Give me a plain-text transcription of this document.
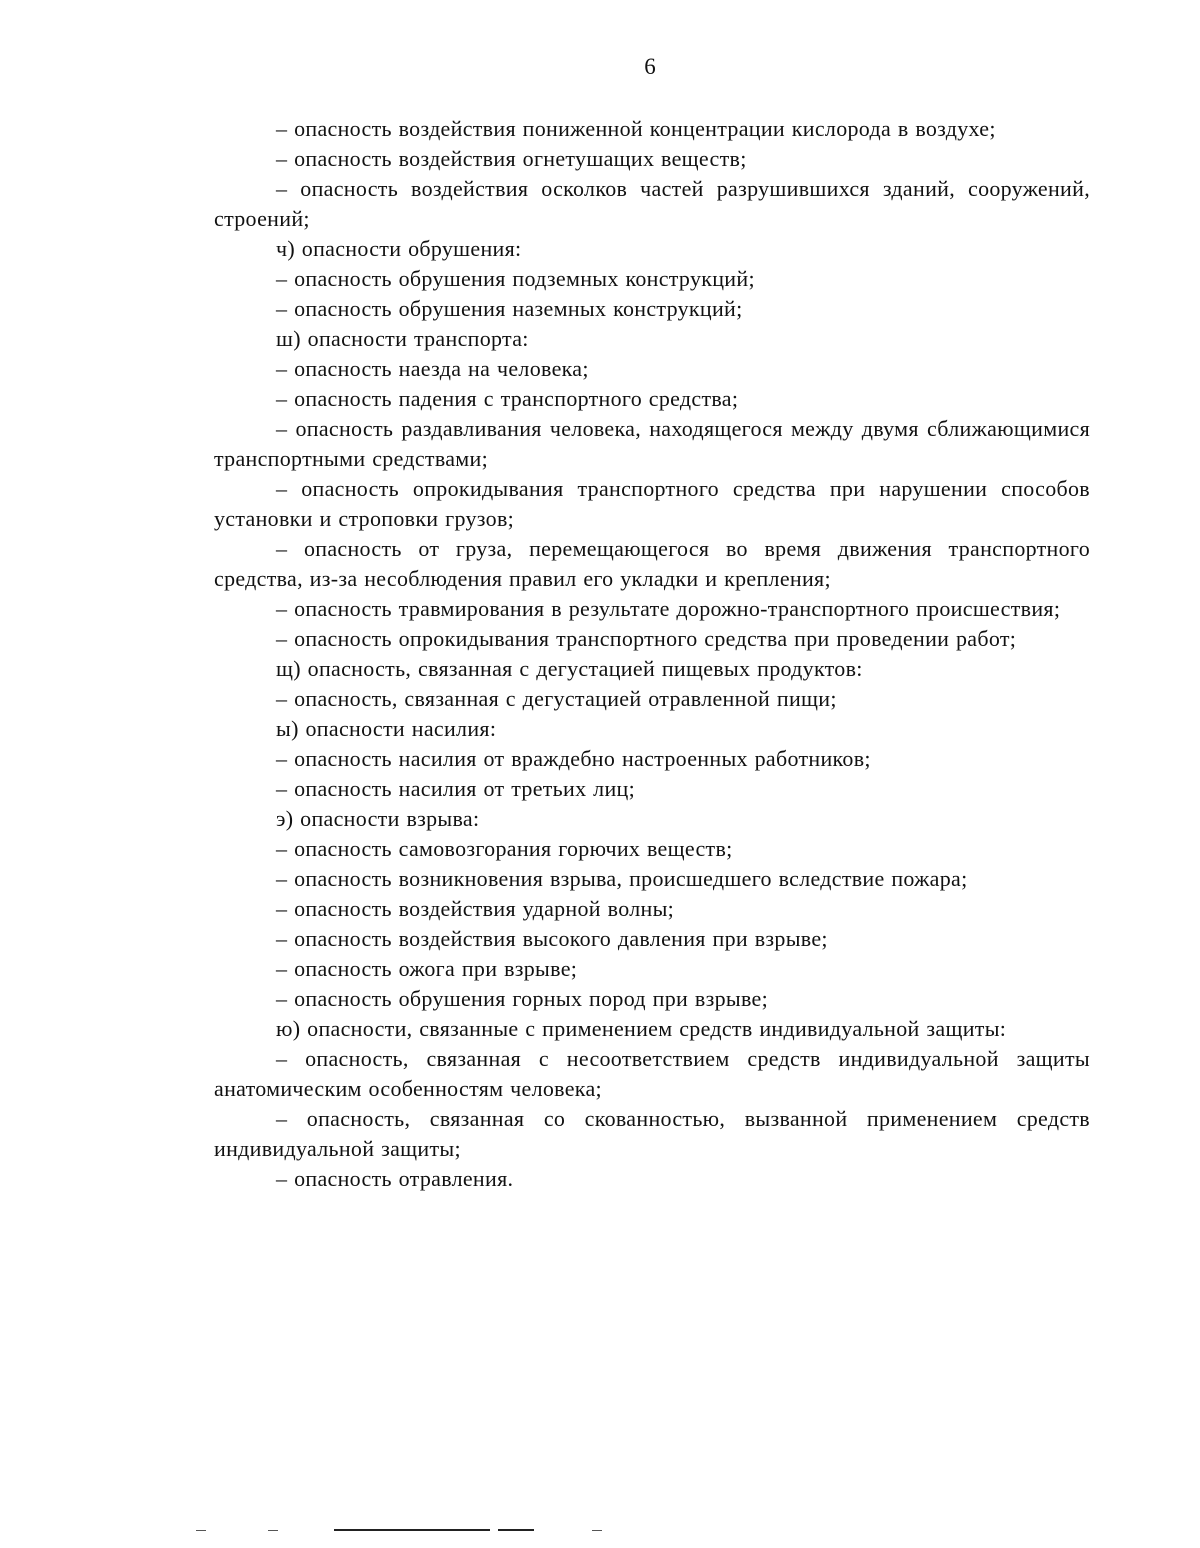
6

– опасность воздействия пониженной концентрации кислорода в воздухе;

– опасность воздействия огнетушащих веществ;

– опасность воздействия осколков частей разрушившихся зданий, сооружений, строений;

ч) опасности обрушения:

– опасность обрушения подземных конструкций;

– опасность обрушения наземных конструкций;

ш) опасности транспорта:

– опасность наезда на человека;

– опасность падения с транспортного средства;

– опасность раздавливания человека, находящегося между двумя сближающимися транспортными средствами;

– опасность опрокидывания транспортного средства при нарушении способов установки и строповки грузов;

– опасность от груза, перемещающегося во время движения транспортного средства, из-за несоблюдения правил его укладки и крепления;

– опасность травмирования в результате дорожно-транспортного происшествия;

– опасность опрокидывания транспортного средства при проведении работ;

щ) опасность, связанная с дегустацией пищевых продуктов:

– опасность, связанная с дегустацией отравленной пищи;

ы) опасности насилия:

– опасность насилия от враждебно настроенных работников;

– опасность насилия от третьих лиц;

э) опасности взрыва:

– опасность самовозгорания горючих веществ;

– опасность возникновения взрыва, происшедшего вследствие пожара;

– опасность воздействия ударной волны;

– опасность воздействия высокого давления при взрыве;

– опасность ожога при взрыве;

– опасность обрушения горных пород при взрыве;

ю) опасности, связанные с применением средств индивидуальной защиты:

– опасность, связанная с несоответствием средств индивидуальной защиты анатомическим особенностям человека;

– опасность, связанная со скованностью, вызванной применением средств индивидуальной защиты;

– опасность отравления.
